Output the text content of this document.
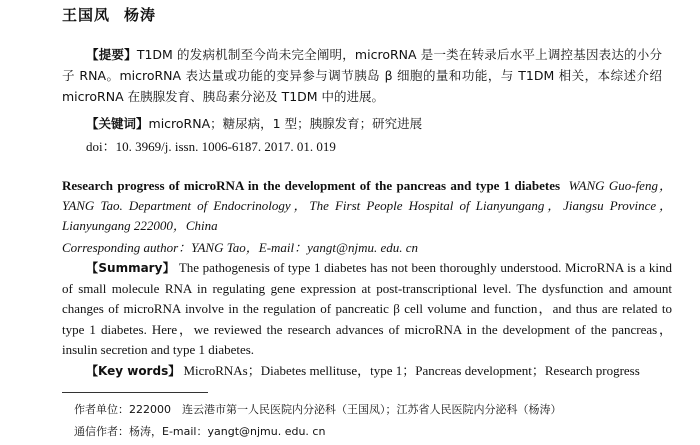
王国凤 杨涛
【提要】T1DM 的发病机制至今尚未完全阐明，microRNA 是一类在转录后水平上调控基因表达的小分子 RNA。microRNA 表达量或功能的变异参与调节胰岛 β 细胞的量和功能，与 T1DM 相关，本综述介绍 microRNA 在胰腺发育、胰岛素分泌及 T1DM 中的进展。
【关键词】microRNA；糖尿病，1 型；胰腺发育；研究进展
doi：10. 3969/j. issn. 1006-6187. 2017. 01. 019
Research progress of microRNA in the development of the pancreas and type 1 diabetes WANG Guo-feng，YANG Tao. Department of Endocrinology，The First People Hospital of Lianyungang，Jiangsu Province，Lianyungang 222000，China
Corresponding author：YANG Tao，E-mail：yangt@njmu. edu. cn
【Summary】 The pathogenesis of type 1 diabetes has not been thoroughly understood. MicroRNA is a kind of small molecule RNA in regulating gene expression at post-transcriptional level. The dysfunction and amount changes of microRNA involve in the regulation of pancreatic β cell volume and function，and thus are related to type 1 diabetes. Here，we reviewed the research advances of microRNA in the development of the pancreas，insulin secretion and type 1 diabetes.
【Key words】 MicroRNAs；Diabetes mellituse，type 1；Pancreas development；Research progress
作者单位：222000　连云港市第一人民医院内分泌科（王国凤）；江苏省人民医院内分泌科（杨涛）
通信作者：杨涛，E-mail：yangt@njmu. edu. cn
